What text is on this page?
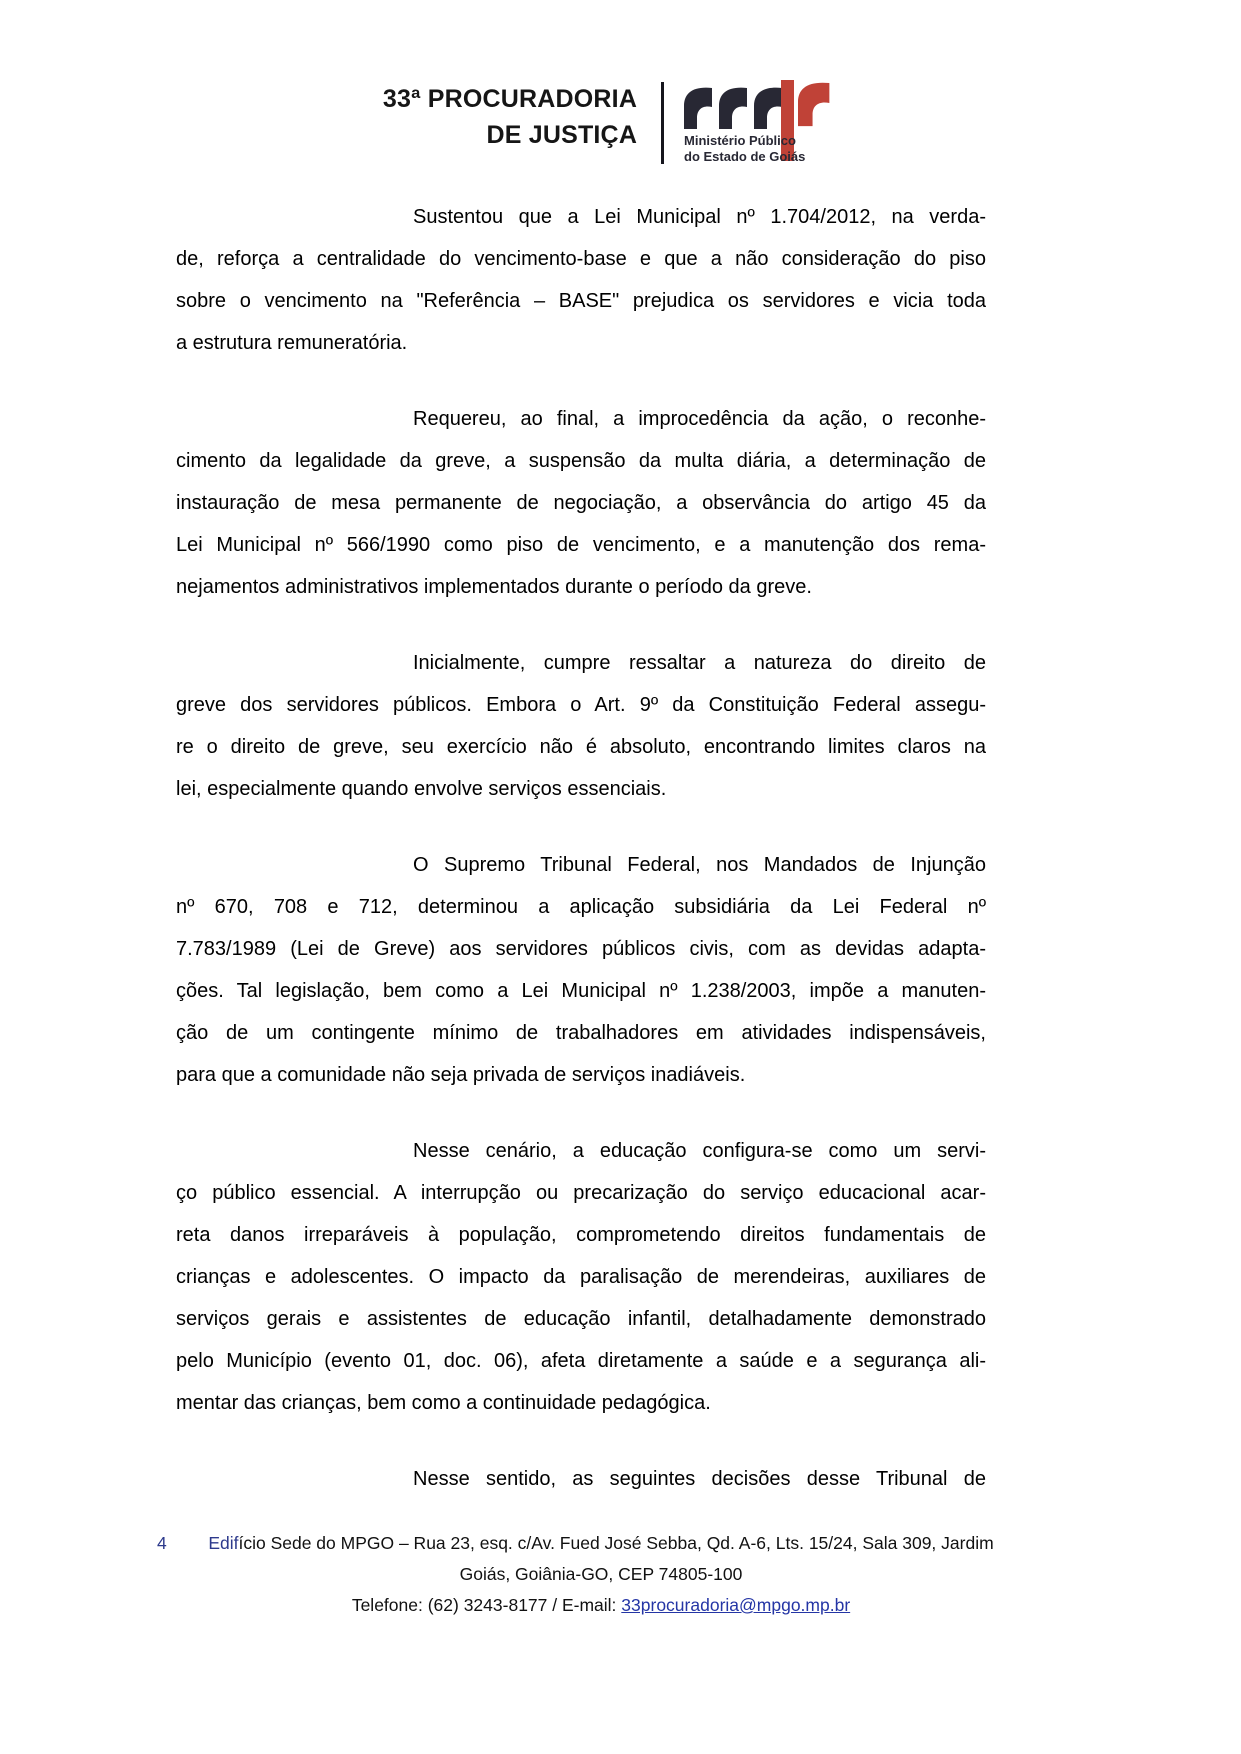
33ª PROCURADORIA
DE JUSTIÇA	Ministério Público
do Estado de Goiás
Sustentou que a Lei Municipal nº 1.704/2012, na verda-
de, reforça a centralidade do vencimento-base e que a não consideração do piso
sobre o vencimento na "Referência – BASE" prejudica os servidores e vicia toda
a estrutura remuneratória.
Requereu, ao final, a improcedência da ação, o reconhe-
cimento da legalidade da greve, a suspensão da multa diária, a determinação de
instauração de mesa permanente de negociação, a observância do artigo 45 da
Lei Municipal nº 566/1990 como piso de vencimento, e a manutenção dos rema-
nejamentos administrativos implementados durante o período da greve.
Inicialmente, cumpre ressaltar a natureza do direito de
greve dos servidores públicos. Embora o Art. 9º da Constituição Federal assegu-
re o direito de greve, seu exercício não é absoluto, encontrando limites claros na
lei, especialmente quando envolve serviços essenciais.
O Supremo Tribunal Federal, nos Mandados de Injunção
nº 670, 708 e 712, determinou a aplicação subsidiária da Lei Federal nº
7.783/1989 (Lei de Greve) aos servidores públicos civis, com as devidas adapta-
ções. Tal legislação, bem como a Lei Municipal nº 1.238/2003, impõe a manuten-
ção de um contingente mínimo de trabalhadores em atividades indispensáveis,
para que a comunidade não seja privada de serviços inadiáveis.
Nesse cenário, a educação configura-se como um servi-
ço público essencial. A interrupção ou precarização do serviço educacional acar-
reta danos irreparáveis à população, comprometendo direitos fundamentais de
crianças e adolescentes. O impacto da paralisação de merendeiras, auxiliares de
serviços gerais e assistentes de educação infantil, detalhadamente demonstrado
pelo Município (evento 01, doc. 06), afeta diretamente a saúde e a segurança ali-
mentar das crianças, bem como a continuidade pedagógica.
Nesse sentido, as seguintes decisões desse Tribunal de
4	Edifício Sede do MPGO – Rua 23, esq. c/Av. Fued José Sebba, Qd. A-6, Lts. 15/24, Sala 309, Jardim
Goiás, Goiânia-GO, CEP 74805-100
Telefone: (62) 3243-8177 / E-mail: 33procuradoria@mpgo.mp.br
